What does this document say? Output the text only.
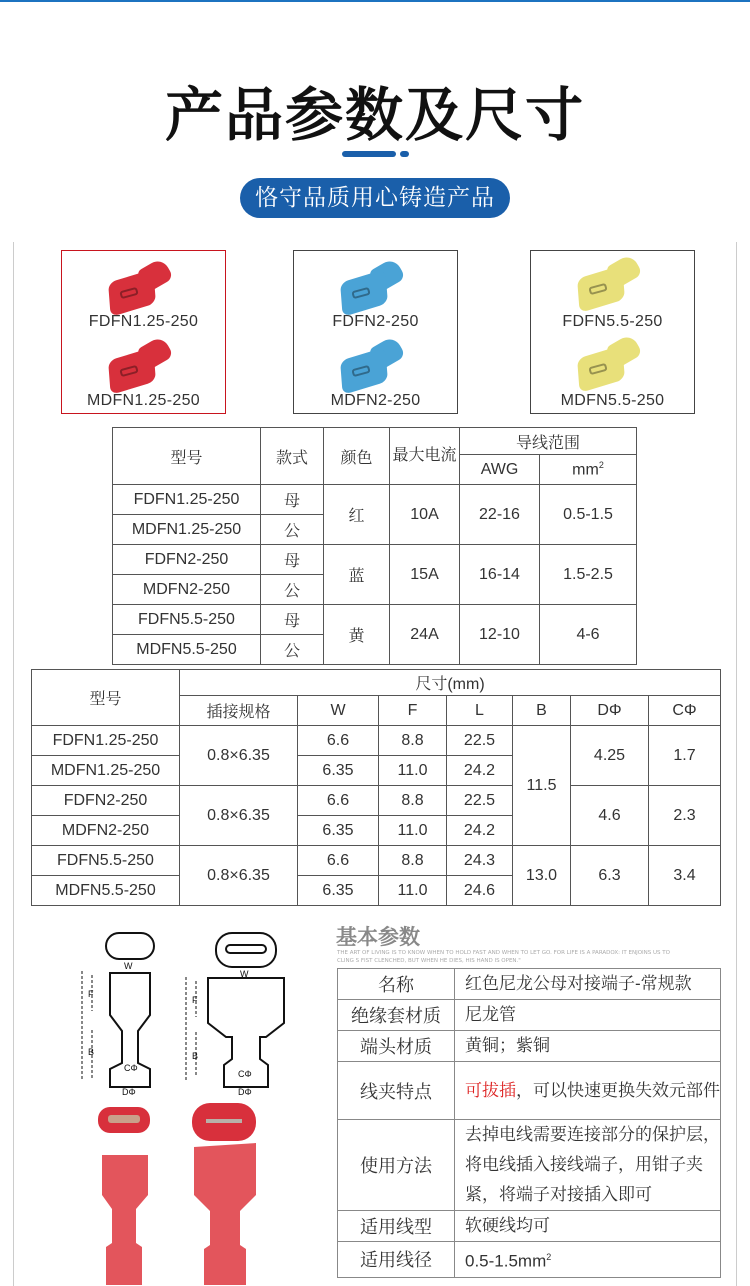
产品参数及尺寸
恪守品质用心铸造产品
FDFN1.25-250
MDFN1.25-250
FDFN2-250
MDFN2-250
FDFN5.5-250
MDFN5.5-250
型号	款式	颜色	最大电流	导线范围	
				AWG	$mm^2$
FDFN1.25-250	母	红	10A	22-16	0.5-1.5
MDFN1.25-250	公				
FDFN2-250	母	蓝	15A	16-14	1.5-2.5
MDFN2-250	公				
FDFN5.5-250	母	黄	24A	12-10	4-6
MDFN5.5-250	公				
型号	尺寸(mm)						
	插接规格	W	F	L	B	DΦ	CΦ
FDFN1.25-250	0.8×6.35	6.6	8.8	22.5	11.5	4.25	1.7
MDFN1.25-250		6.35	11.0	24.2			
FDFN2-250	0.8×6.35	6.6	8.8	22.5		4.6	2.3
MDFN2-250		6.35	11.0	24.2			
FDFN5.5-250	0.8×6.35	6.6	8.8	24.3	13.0	6.3	3.4
MDFN5.5-250		6.35	11.0	24.6			
W
F
B
CΦ
DΦ
W
F
B
CΦ
DΦ
基本参数
THE ART OF LIVING IS TO KNOW WHEN TO HOLD FAST AND WHEN TO LET GO. FOR LIFE IS A PARADOX: IT ENJOINS US TO CLING S FIST CLENCHED, BUT WHEN HE DIES, HIS HAND IS OPEN."
名称	红色尼龙公母对接端子-常规款
绝缘套材质	尼龙管
端头材质	黄铜；紫铜
线夹特点	可拔插，可以快速更换失效元部件
使用方法	去掉电线需要连接部分的保护层，将电线插入接线端子，用钳子夹紧，将端子对接插入即可
适用线型	软硬线均可
适用线径	$0.5-1.5mm^2$
